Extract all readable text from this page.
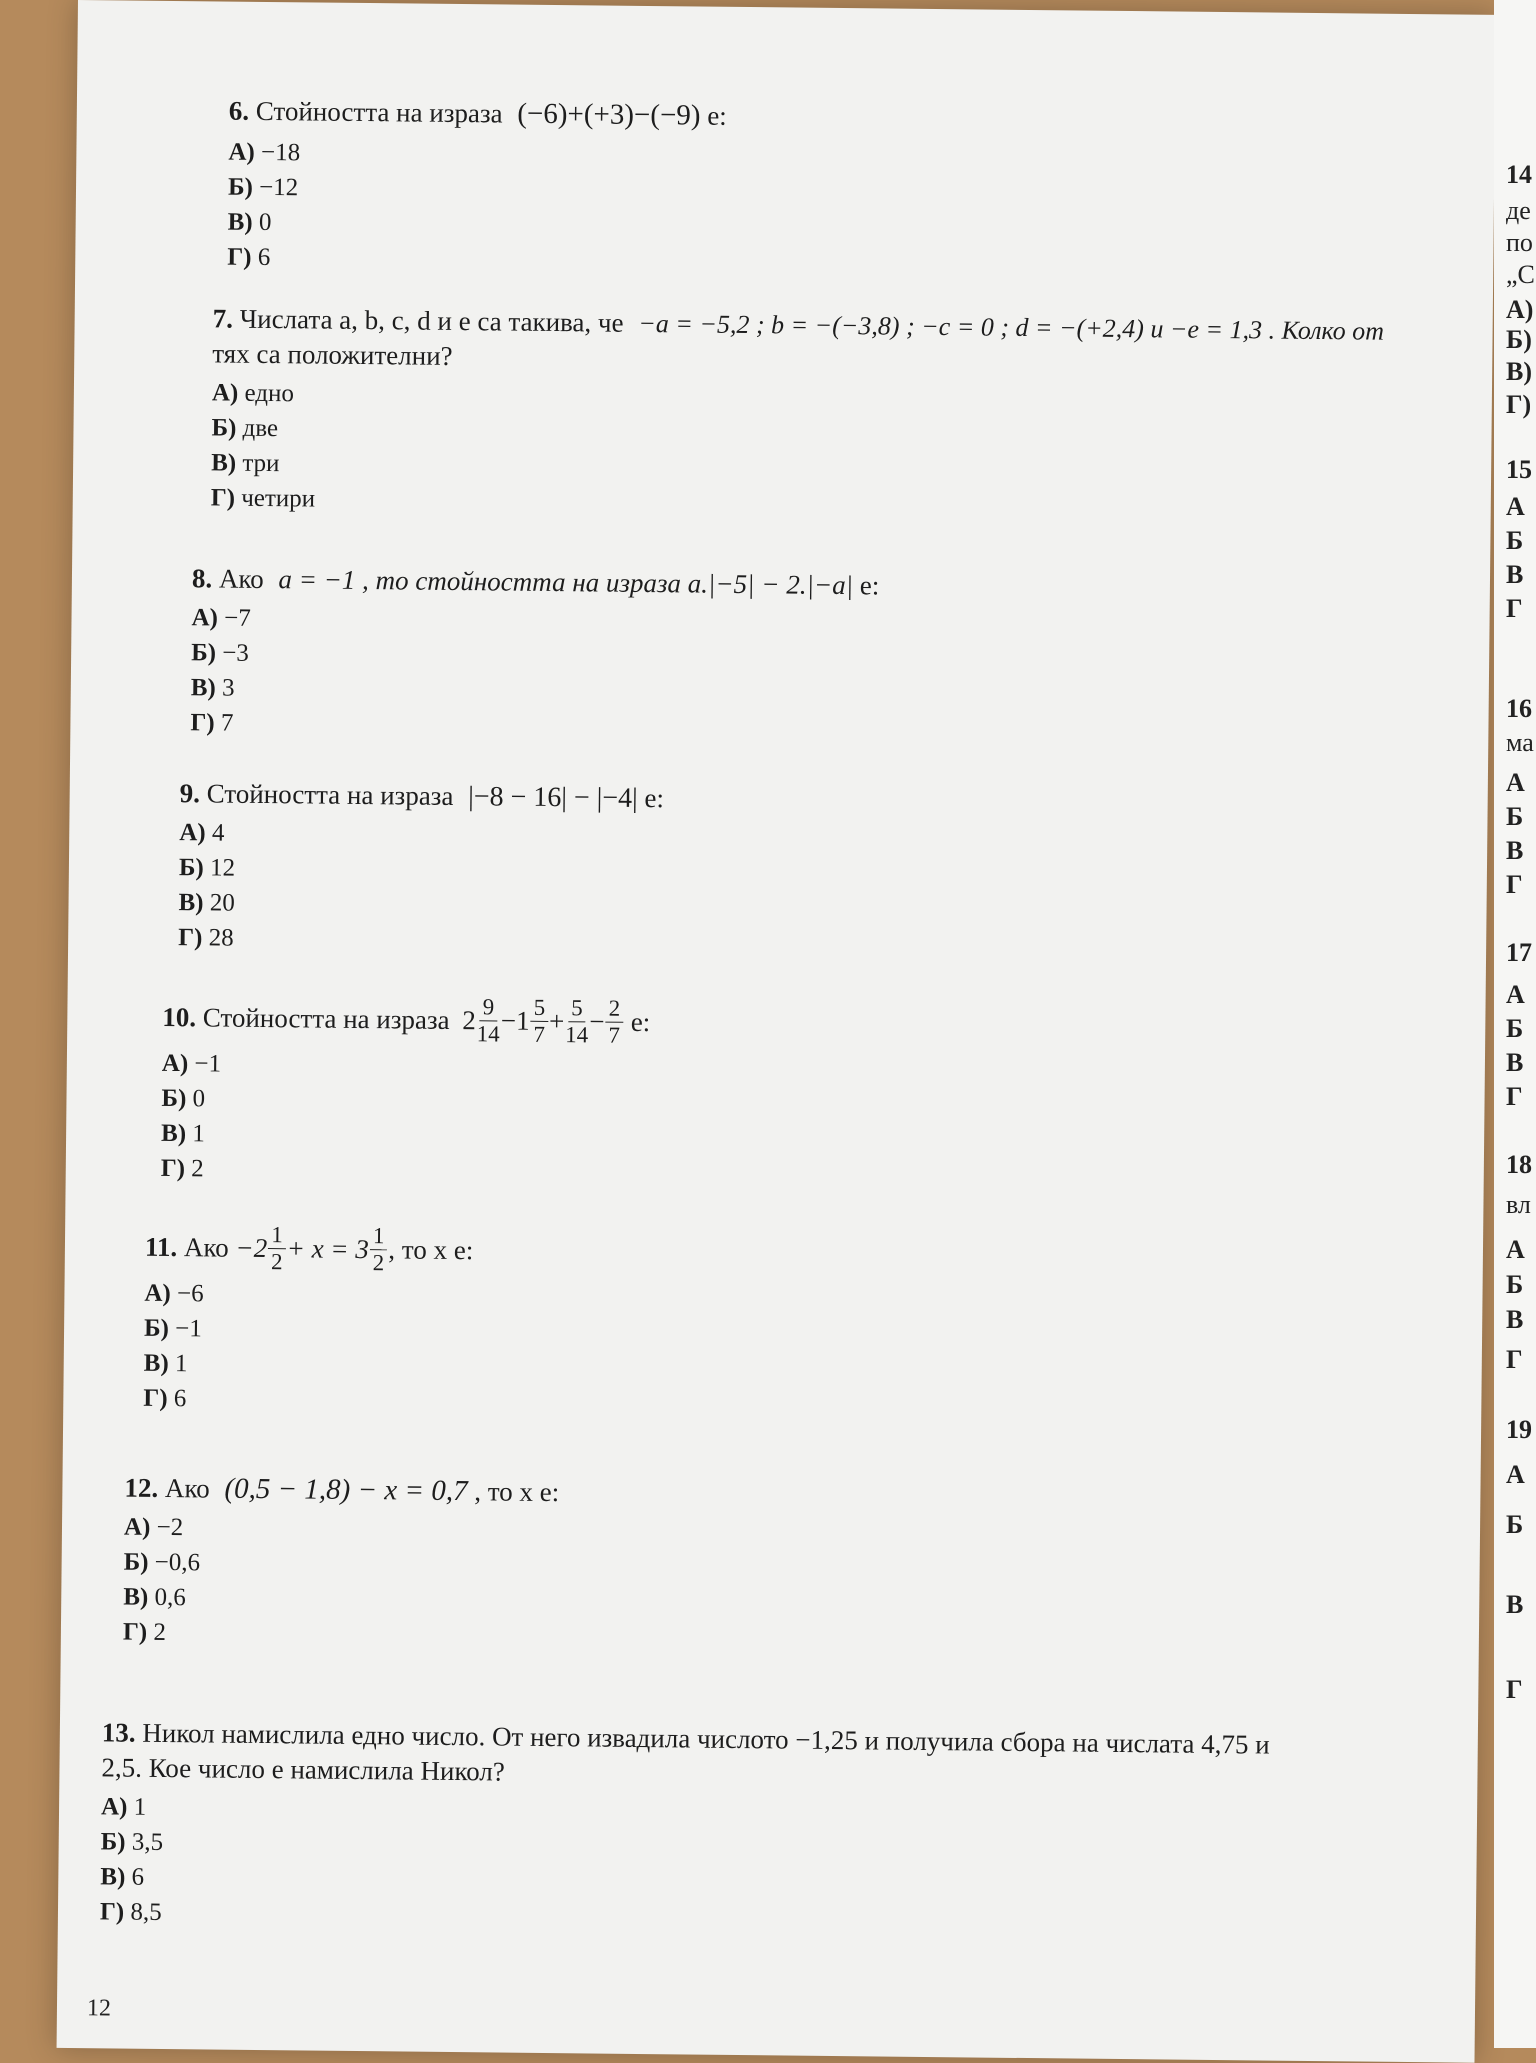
6. Стойността на израза (−6)+(+3)−(−9) е:
А) −18
Б) −12
В) 0
Г) 6
7. Числата a, b, c, d и e са такива, че −a = −5,2 ; b = −(−3,8) ; −c = 0 ; d = −(+2,4) и −e = 1,3 . Колко от
тях са положителни?
А) едно
Б) две
В) три
Г) четири
8. Ако a = −1 , то стойността на израза a.|−5| − 2.|−a| е:
А) −7
Б) −3
В) 3
Г) 7
9. Стойността на израза |−8 − 16| − |−4| е:
А) 4
Б) 12
В) 20
Г) 28
10.
Стойността на израза
$2 \frac{9}{14} - 1 \frac{5}{7} + \frac{5}{14} - \frac{2}{7}$
е:
А) −1
Б) 0
В) 1
Г) 2
11.
Ако
$-2 \frac{1}{2} + x = 3 \frac{1}{2}$ , то x е:
А) −6
Б) −1
В) 1
Г) 6
12. Ако (0,5 − 1,8) − x = 0,7 , то x е:
А) −2
Б) −0,6
В) 0,6
Г) 2
13. Никол намислила едно число. От него извадила числото −1,25 и получила сбора на числата 4,75 и
2,5. Кое число е намислила Никол?
А) 1
Б) 3,5
В) 6
Г) 8,5
12
14
де
по
„С
А)
Б)
В)
Г)
15
А
Б
В
Г
16
ма
А
Б
В
Г
17
А
Б
В
Г
18
вл
А
Б
В
Г
19
А
Б
В
Г
